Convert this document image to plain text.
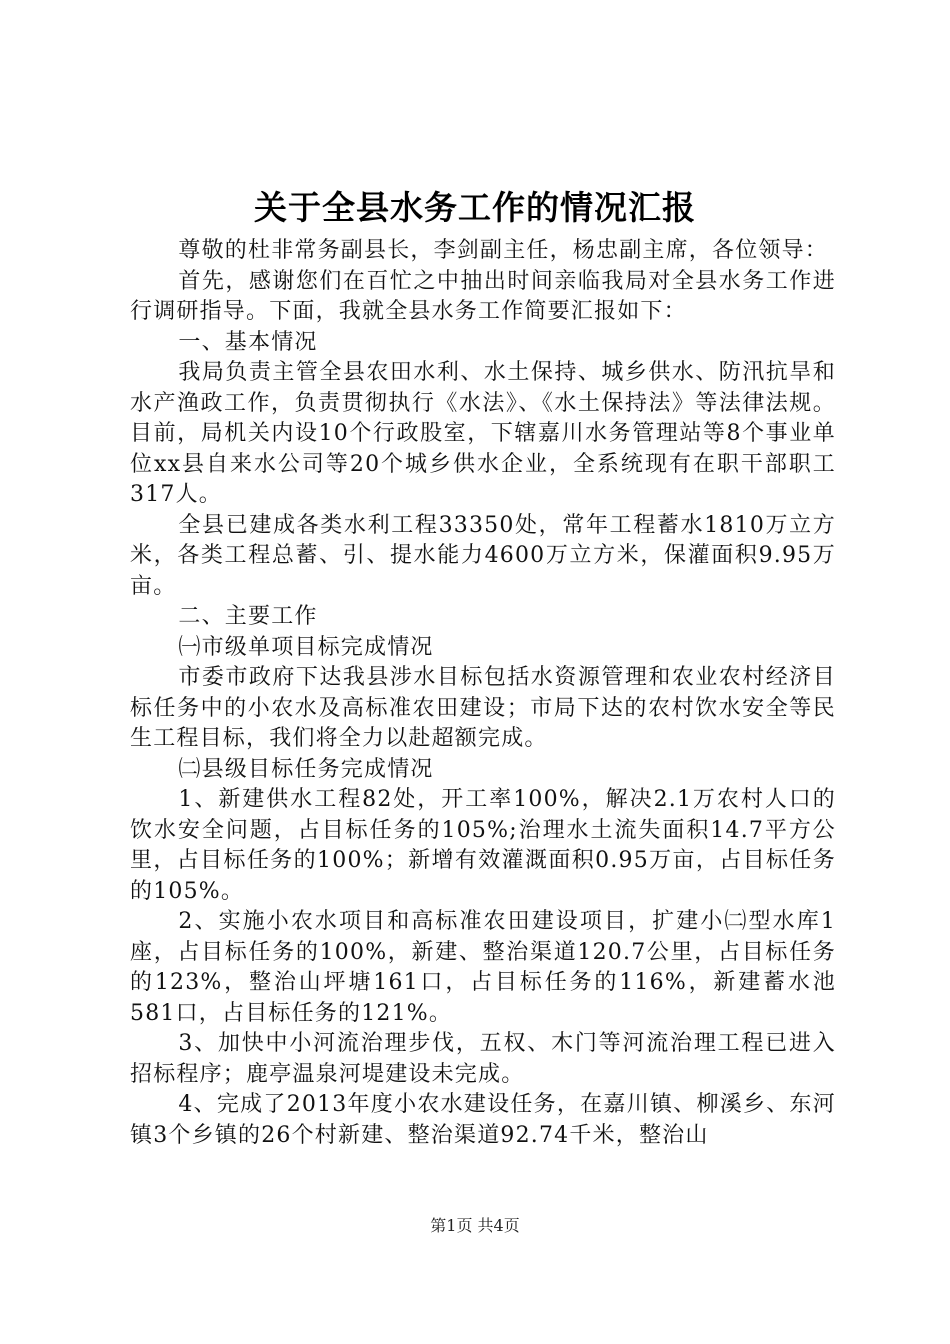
关于全县水务工作的情况汇报

尊敬的杜非常务副县长，李剑副主任，杨忠副主席，各位领导：

首先，感谢您们在百忙之中抽出时间亲临我局对全县水务工作进行调研指导。下面，我就全县水务工作简要汇报如下：

一、基本情况

我局负责主管全县农田水利、水土保持、城乡供水、防汛抗旱和水产渔政工作，负责贯彻执行《水法》、《水土保持法》等法律法规。目前，局机关内设10个行政股室，下辖嘉川水务管理站等8个事业单位xx县自来水公司等20个城乡供水企业，全系统现有在职干部职工317人。

全县已建成各类水利工程33350处，常年工程蓄水1810万立方米，各类工程总蓄、引、提水能力4600万立方米，保灌面积9.95万亩。

二、主要工作

㈠市级单项目标完成情况

市委市政府下达我县涉水目标包括水资源管理和农业农村经济目标任务中的小农水及高标准农田建设；市局下达的农村饮水安全等民生工程目标，我们将全力以赴超额完成。

㈡县级目标任务完成情况

1、新建供水工程82处，开工率100%，解决2.1万农村人口的饮水安全问题，占目标任务的105%;治理水土流失面积14.7平方公里，占目标任务的100%；新增有效灌溉面积0.95万亩，占目标任务的105%。

2、实施小农水项目和高标准农田建设项目，扩建小㈡型水库1座，占目标任务的100%，新建、整治渠道120.7公里，占目标任务的123%，整治山坪塘161口，占目标任务的116%，新建蓄水池581口，占目标任务的121%。

3、加快中小河流治理步伐，五权、木门等河流治理工程已进入招标程序；鹿亭温泉河堤建设未完成。

4、完成了2013年度小农水建设任务，在嘉川镇、柳溪乡、东河镇3个乡镇的26个村新建、整治渠道92.74千米，整治山

第1页 共4页
